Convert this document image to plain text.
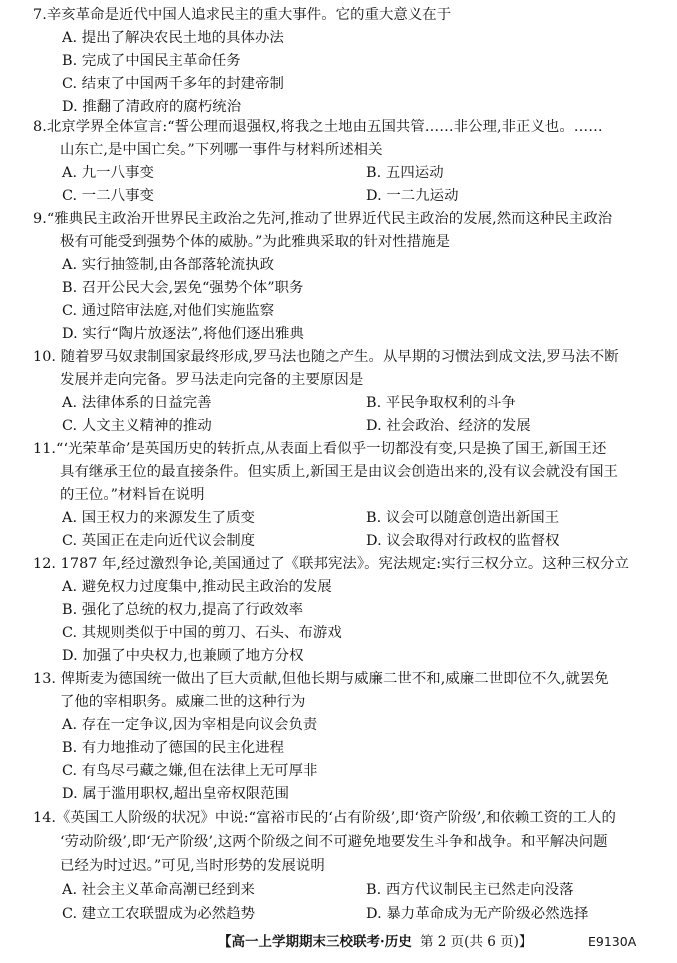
7.辛亥革命是近代中国人追求民主的重大事件。它的重大意义在于
A. 提出了解决农民土地的具体办法
B. 完成了中国民主革命任务
C. 结束了中国两千多年的封建帝制
D. 推翻了清政府的腐朽统治
8.北京学界全体宣言:“誓公理而退强权,将我之土地由五国共管……非公理,非正义也。……
山东亡,是中国亡矣。”下列哪一事件与材料所述相关
A. 九一八事变	B. 五四运动
C. 一二八事变	D. 一二九运动
9.“雅典民主政治开世界民主政治之先河,推动了世界近代民主政治的发展,然而这种民主政治
极有可能受到强势个体的威胁。”为此雅典采取的针对性措施是
A. 实行抽签制,由各部落轮流执政
B. 召开公民大会,罢免“强势个体”职务
C. 通过陪审法庭,对他们实施监察
D. 实行“陶片放逐法”,将他们逐出雅典
10. 随着罗马奴隶制国家最终形成,罗马法也随之产生。从早期的习惯法到成文法,罗马法不断
发展并走向完备。罗马法走向完备的主要原因是
A. 法律体系的日益完善	B. 平民争取权利的斗争
C. 人文主义精神的推动	D. 社会政治、经济的发展
11.“‘光荣革命’是英国历史的转折点,从表面上看似乎一切都没有变,只是换了国王,新国王还
具有继承王位的最直接条件。但实质上,新国王是由议会创造出来的,没有议会就没有国王
的王位。”材料旨在说明
A. 国王权力的来源发生了质变	B. 议会可以随意创造出新国王
C. 英国正在走向近代议会制度	D. 议会取得对行政权的监督权
12. 1787 年,经过激烈争论,美国通过了《联邦宪法》。宪法规定:实行三权分立。这种三权分立
A. 避免权力过度集中,推动民主政治的发展
B. 强化了总统的权力,提高了行政效率
C. 其规则类似于中国的剪刀、石头、布游戏
D. 加强了中央权力,也兼顾了地方分权
13. 俾斯麦为德国统一做出了巨大贡献,但他长期与威廉二世不和,威廉二世即位不久,就罢免
了他的宰相职务。威廉二世的这种行为
A. 存在一定争议,因为宰相是向议会负责
B. 有力地推动了德国的民主化进程
C. 有鸟尽弓藏之嫌,但在法律上无可厚非
D. 属于滥用职权,超出皇帝权限范围
14.《英国工人阶级的状况》中说:“富裕市民的‘占有阶级’,即‘资产阶级’,和依赖工资的工人的
‘劳动阶级’,即‘无产阶级’,这两个阶级之间不可避免地要发生斗争和战争。和平解决问题
已经为时过迟。”可见,当时形势的发展说明
A. 社会主义革命高潮已经到来	B. 西方代议制民主已然走向没落
C. 建立工农联盟成为必然趋势	D. 暴力革命成为无产阶级必然选择
【高一上学期期末三校联考·历史 第 2 页(共 6 页)】	E9130A
